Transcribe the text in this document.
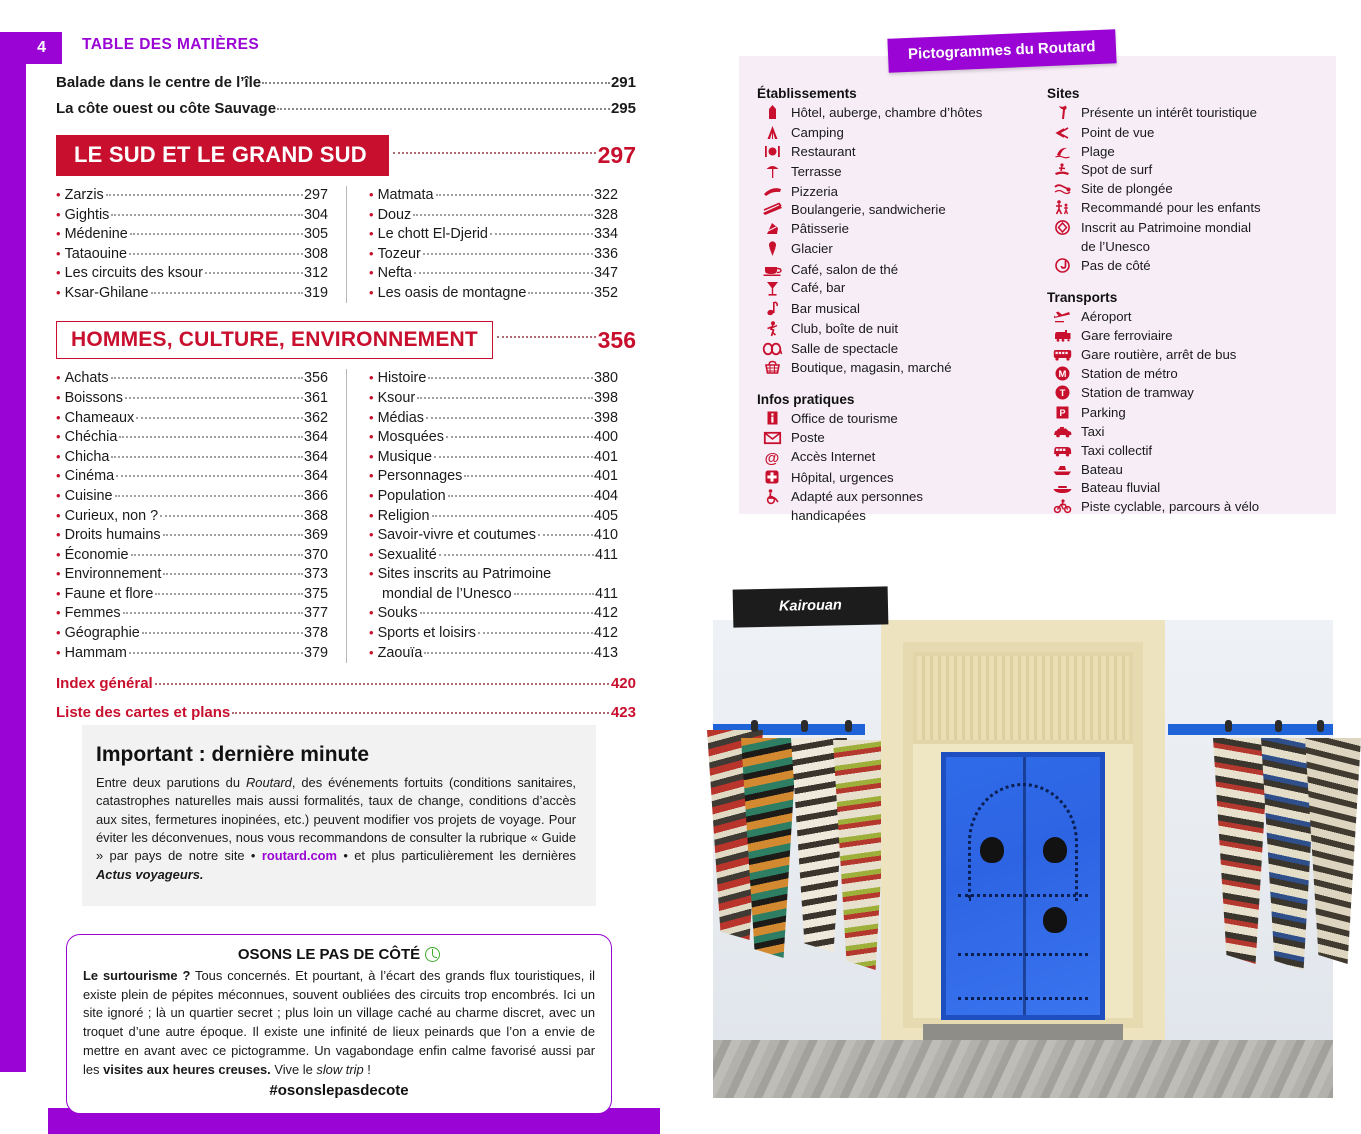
4 TABLE DES MATIÈRES
Balade dans le centre de l’île	291
La côte ouest ou côte Sauvage	295
LE SUD ET LE GRAND SUD	297
• Zarzis	297
• Gightis	304
• Médenine	305
• Tataouine	308
• Les circuits des ksour	312
• Ksar-Ghilane	319
• Matmata	322
• Douz	328
• Le chott El-Djerid	334
• Tozeur	336
• Nefta	347
• Les oasis de montagne	352
HOMMES, CULTURE, ENVIRONNEMENT	356
• Achats	356
• Boissons	361
• Chameaux	362
• Chéchia	364
• Chicha	364
• Cinéma	364
• Cuisine	366
• Curieux, non ?	368
• Droits humains	369
• Économie	370
• Environnement	373
• Faune et flore	375
• Femmes	377
• Géographie	378
• Hammam	379
• Histoire	380
• Ksour	398
• Médias	398
• Mosquées	400
• Musique	401
• Personnages	401
• Population	404
• Religion	405
• Savoir-vivre et coutumes	410
• Sexualité	411
• Sites inscrits au Patrimoine
mondial de l’Unesco	411
• Souks	412
• Sports et loisirs	412
• Zaouïa	413
Index général	420
Liste des cartes et plans	423
Important : dernière minute

Entre deux parutions du Routard, des événements fortuits (conditions sanitaires, catastrophes naturelles mais aussi formalités, taux de change, conditions d’accès aux sites, fermetures inopinées, etc.) peuvent modifier vos projets de voyage. Pour éviter les déconvenues, nous vous recommandons de consulter la rubrique « Guide » par pays de notre site • routard.com • et plus particulièrement les dernières Actus voyageurs.

OSONS LE PAS DE CÔTÉ

Le surtourisme ? Tous concernés. Et pourtant, à l’écart des grands flux touristiques, il existe plein de pépites méconnues, souvent oubliées des circuits trop encombrés. Ici un site ignoré ; là un quartier secret ; plus loin un village caché au charme discret, avec un troquet d’une autre époque. Il existe une infinité de lieux peinards que l’on a envie de mettre en avant avec ce pictogramme. Un vagabondage enfin calme favorisé aussi par les visites aux heures creuses. Vive le slow trip !

#osonslepasdecote
Établissements
Hôtel, auberge, chambre d’hôtes
Camping
Restaurant
Terrasse
Pizzeria
Boulangerie, sandwicherie
Pâtisserie
Glacier
Café, salon de thé
Café, bar
Bar musical
Club, boîte de nuit
Salle de spectacle
Boutique, magasin, marché
Infos pratiques
Office de tourisme
Poste
@ Accès Internet
Hôpital, urgences
Adapté aux personnes
handicapées
Sites
Présente un intérêt touristique
Point de vue
Plage
Spot de surf
Site de plongée
Recommandé pour les enfants
Inscrit au Patrimoine mondial
de l’Unesco
Pas de côté
Transports
Aéroport
Gare ferroviaire
Gare routière, arrêt de bus
M Station de métro
T Station de tramway
P Parking
Taxi
Taxi collectif
Bateau
Bateau fluvial
Piste cyclable, parcours à vélo
Pictogrammes du Routard
Kairouan
© VWpics.hemis.fr
